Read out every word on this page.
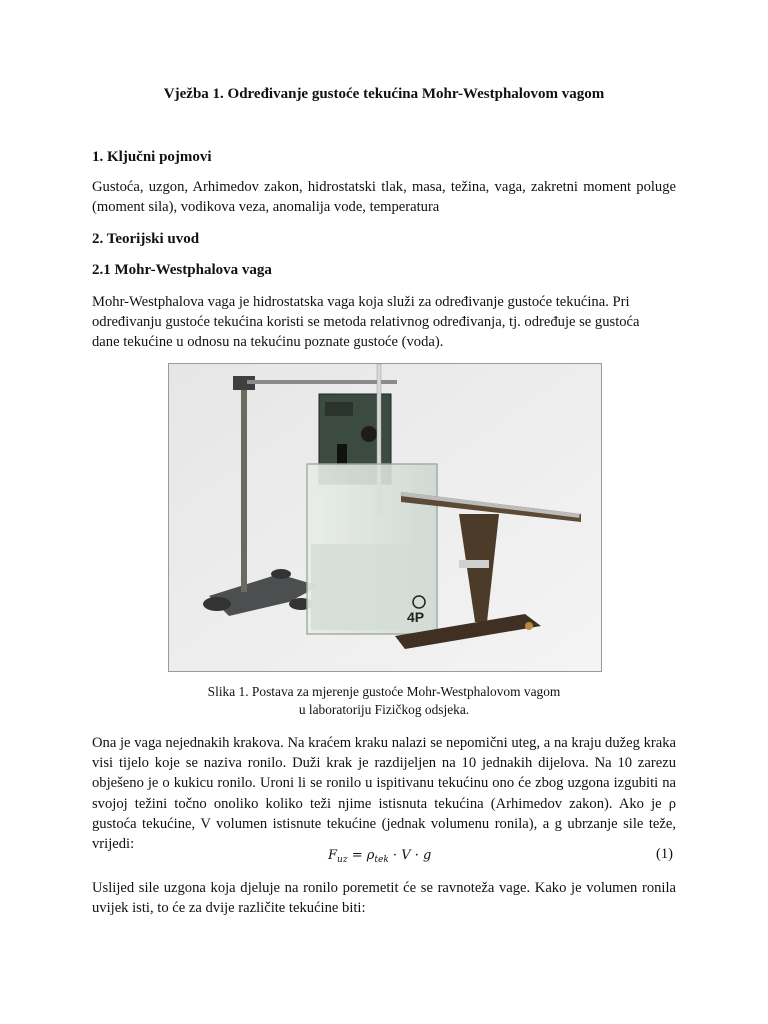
Vježba 1. Određivanje gustoće tekućina Mohr-Westphalovom vagom
1. Ključni pojmovi

Gustoća, uzgon, Arhimedov zakon, hidrostatski tlak, masa, težina, vaga, zakretni moment poluge (moment sila), vodikova veza, anomalija vode, temperatura

2. Teorijski uvod
2.1 Mohr-Westphalova vaga

Mohr-Westphalova vaga je hidrostatska vaga koja služi za određivanje gustoće tekućina. Pri određivanju gustoće tekućina koristi se metoda relativnog određivanja, tj. određuje se gustoća dane tekućine u odnosu na tekućinu poznate gustoće (voda).

4P
Slika 1. Postava za mjerenje gustoće Mohr-Westphalovom vagom
u laboratoriju Fizičkog odsjeka.

Ona je vaga nejednakih krakova. Na kraćem kraku nalazi se nepomični uteg, a na kraju dužeg kraka visi tijelo koje se naziva ronilo. Duži krak je razdijeljen na 10 jednakih dijelova. Na 10 zarezu obješeno je o kukicu ronilo. Uroni li se ronilo u ispitivanu tekućinu ono će zbog uzgona izgubiti na svojoj težini točno onoliko koliko teži njime istisnuta tekućina (Arhimedov zakon). Ako je ρ gustoća tekućine, V volumen istisnute tekućine (jednak volumenu ronila), a g ubrzanje sile teže, vrijedi:

$F_{uz} = \rho_{tek} \cdot V \cdot g$	(1)

Uslijed sile uzgona koja djeluje na ronilo poremetit će se ravnoteža vage. Kako je volumen ronila uvijek isti, to će za dvije različite tekućine biti:
